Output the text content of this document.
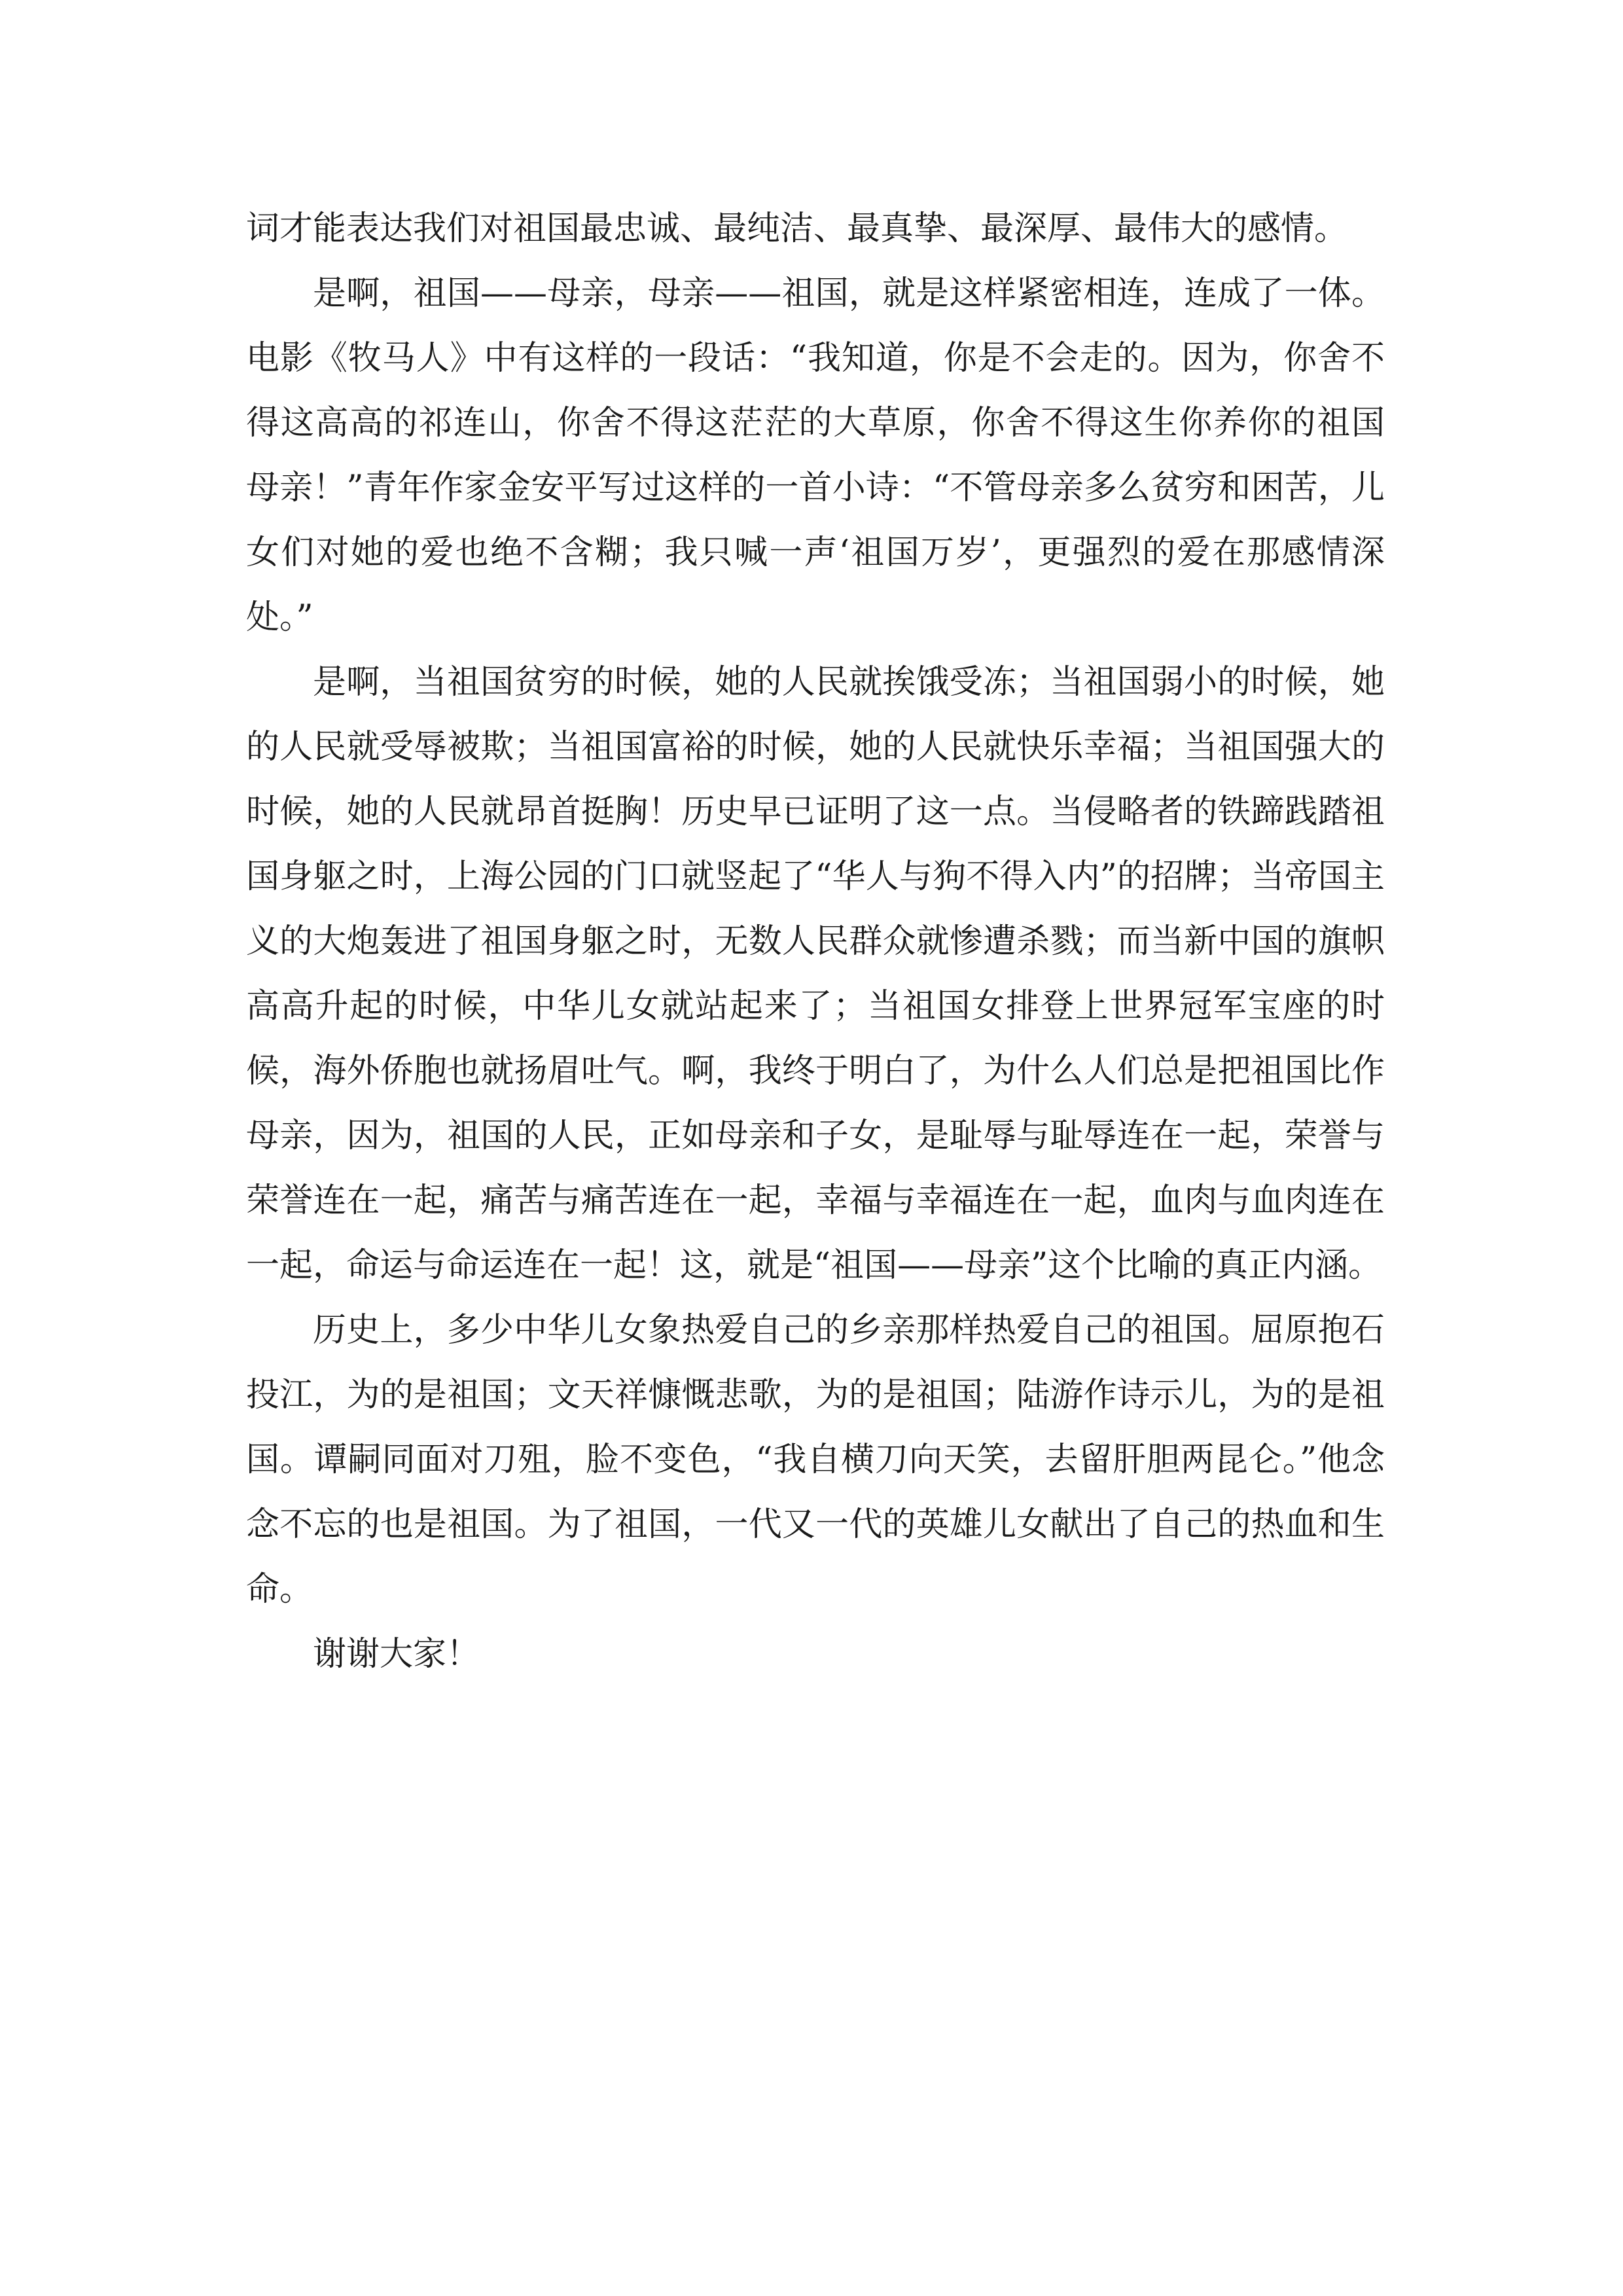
词才能表达我们对祖国最忠诚、最纯洁、最真挚、最深厚、最伟大的感情。

是啊，祖国——母亲，母亲——祖国，就是这样紧密相连，连成了一体。电影《牧马人》中有这样的一段话：“我知道，你是不会走的。因为，你舍不得这高高的祁连山，你舍不得这茫茫的大草原，你舍不得这生你养你的祖国 母亲！”青年作家金安平写过这样的一首小诗：“不管母亲多么贫穷和困苦，儿女们对她的爱也绝不含糊；我只喊一声‘祖国万岁’，更强烈的爱在那感情深处。”

是啊，当祖国贫穷的时候，她的人民就挨饿受冻；当祖国弱小的时候，她的人民就受辱被欺；当祖国富裕的时候，她的人民就快乐幸福；当祖国强大的时候，她的人民就昂首挺胸！历史早已证明了这一点。当侵略者的铁蹄践踏祖国身躯之时，上海公园的门口就竖起了“华人与狗不得入内”的招牌；当帝国主义的大炮轰进了祖国身躯之时，无数人民群众就惨遭杀戮；而当新中国的旗帜高高升起的时候，中华儿女就站起来了；当祖国女排登上世界冠军宝座的时候，海外侨胞也就扬眉吐气。啊，我终于明白了，为什么人们总是把祖国比作母亲，因为，祖国的人民，正如母亲和子女，是耻辱与耻辱连在一起，荣誉与荣誉连在一起，痛苦与痛苦连在一起，幸福与幸福连在一起，血肉与血肉连在一起，命运与命运连在一起！这，就是“祖国——母亲”这个比喻的真正内涵。

历史上，多少中华儿女象热爱自己的乡亲那样热爱自己的祖国。屈原抱石投江，为的是祖国；文天祥慷慨悲歌，为的是祖国；陆游作诗示儿，为的是祖国。谭嗣同面对刀殂，脸不变色，“我自横刀向天笑，去留肝胆两昆仑。”他念念不忘的也是祖国。为了祖国，一代又一代的英雄儿女献出了自己的热血和生命。

谢谢大家！
